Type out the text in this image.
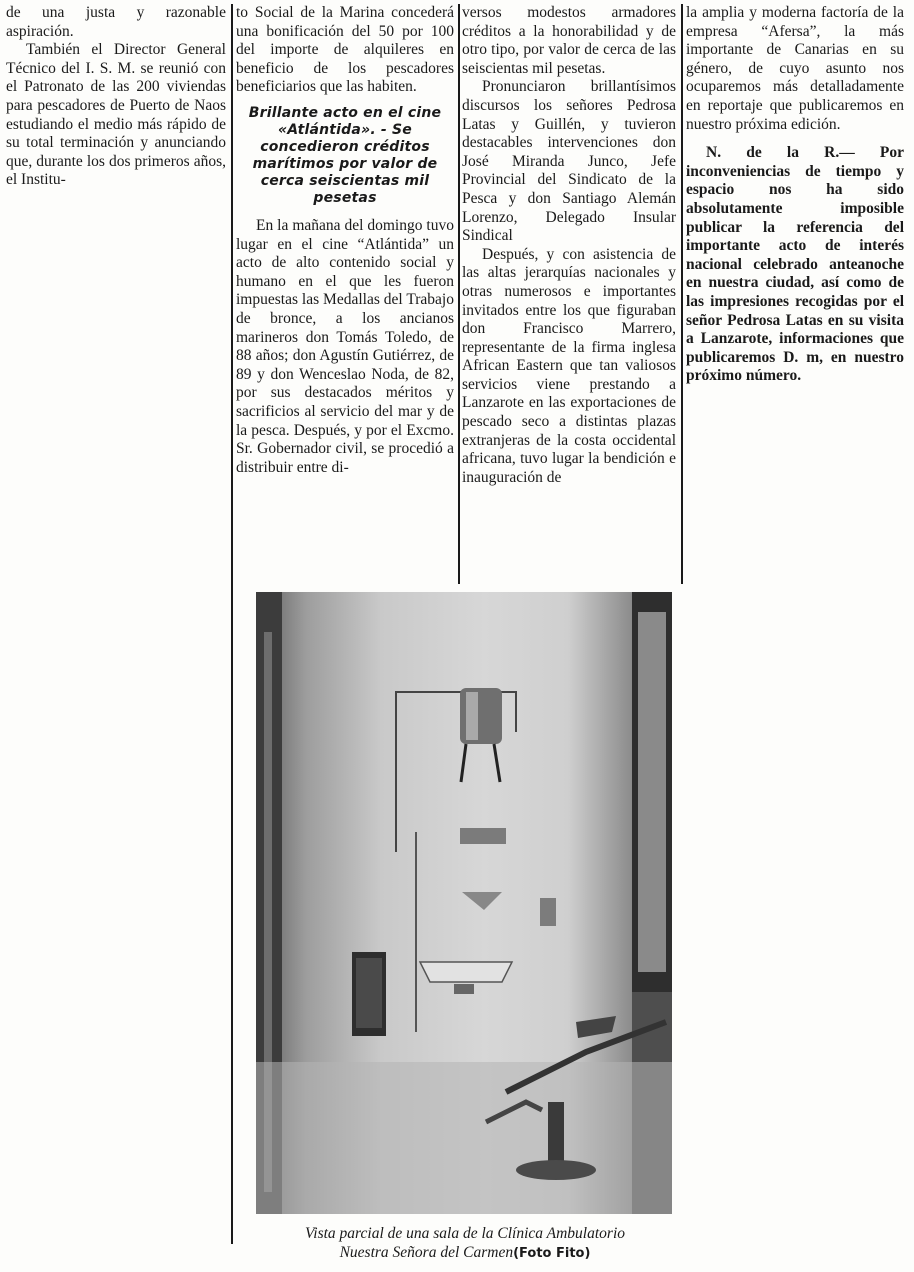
de una justa y razonable aspiración.

También el Director General Técnico del I. S. M. se reunió con el Patronato de las 200 viviendas para pescadores de Puerto de Naos estudiando el medio más rápido de su total terminación y anunciando que, durante los dos primeros años, el Institu-

to Social de la Marina concederá una bonificación del 50 por 100 del importe de alquileres en beneficio de los pescadores beneficiarios que las habiten.

Brillante acto en el cine «Atlántida». - Se concedieron créditos marítimos por valor de cerca seiscientas mil pesetas

En la mañana del domingo tuvo lugar en el cine “Atlántida” un acto de alto contenido social y humano en el que les fueron impuestas las Medallas del Trabajo de bronce, a los ancianos marineros don Tomás Toledo, de 88 años; don Agustín Gutiérrez, de 89 y don Wenceslao Noda, de 82, por sus destacados méritos y sacrificios al servicio del mar y de la pesca. Después, y por el Excmo. Sr. Gobernador civil, se procedió a distribuir entre di-

versos modestos armadores créditos a la honorabilidad y de otro tipo, por valor de cerca de las seiscientas mil pesetas.

Pronunciaron brillantísimos discursos los señores Pedrosa Latas y Guillén, y tuvieron destacables intervenciones don José Miranda Junco, Jefe Provincial del Sindicato de la Pesca y don Santiago Alemán Lorenzo, Delegado Insular Sindical

Después, y con asistencia de las altas jerarquías nacionales y otras numerosos e importantes invitados entre los que figuraban don Francisco Marrero, representante de la firma inglesa African Eastern que tan valiosos servicios viene prestando a Lanzarote en las exportaciones de pescado seco a distintas plazas extranjeras de la costa occidental africana, tuvo lugar la bendición e inauguración de

la amplia y moderna factoría de la empresa “Afersa”, la más importante de Canarias en su género, de cuyo asunto nos ocuparemos más detalladamente en reportaje que publicaremos en nuestro próxima edición.

N. de la R.— Por inconveniencias de tiempo y espacio nos ha sido absolutamente imposible publicar la referencia del importante acto de interés nacional celebrado anteanoche en nuestra ciudad, así como de las impresiones recogidas por el señor Pedrosa Latas en su visita a Lanzarote, informaciones que publicaremos D. m, en nuestro próximo número.

Vista parcial de una sala de la Clínica Ambulatorio
Nuestra Señora del Carmen(Foto Fito)
